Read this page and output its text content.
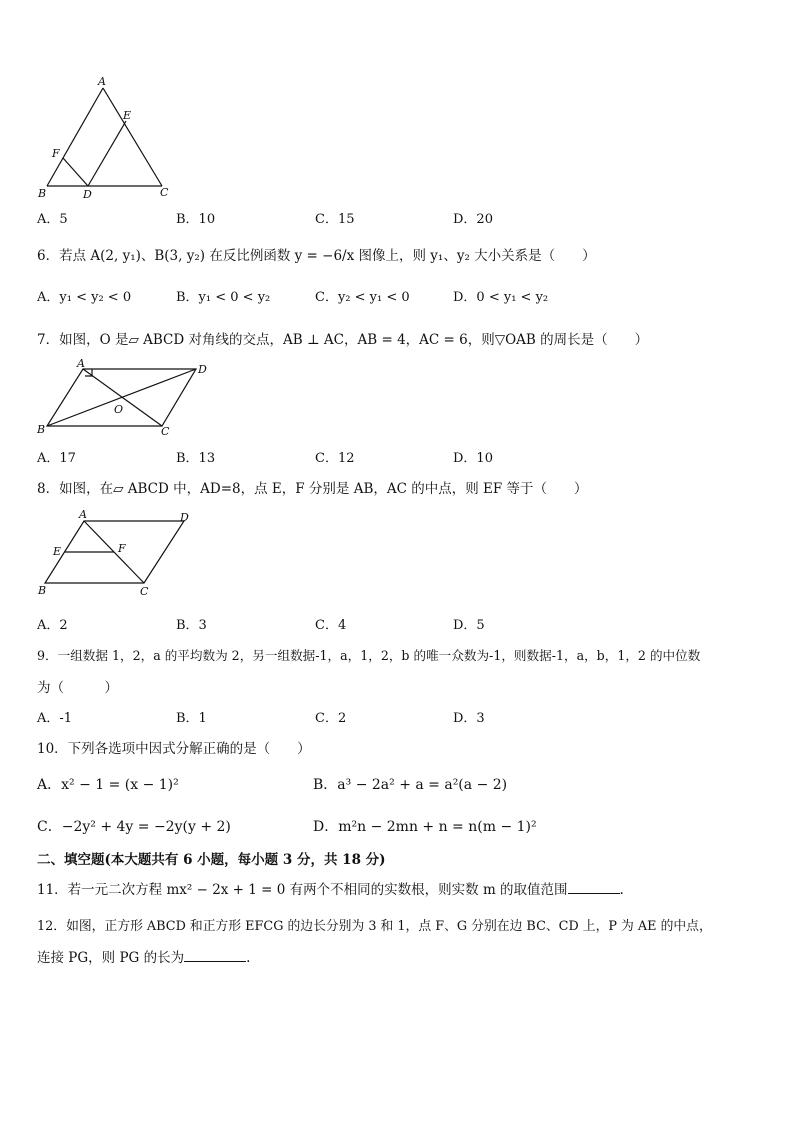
A
E
F
B	D	C
A．5	B．10	C．15	D．20
6．若点 A(2, y₁)、B(3, y₂) 在反比例函数 y = −6/x 图像上，则 y₁、y₂ 大小关系是（　　）
A．y₁ < y₂ < 0	B．y₁ < 0 < y₂	C．y₂ < y₁ < 0	D．0 < y₁ < y₂
7．如图，O 是▱ ABCD 对角线的交点，AB ⊥ AC，AB = 4，AC = 6，则▽OAB 的周长是（　　）
A	D
O
B	C
A．17	B．13	C．12	D．10
8．如图，在▱ ABCD 中，AD=8，点 E，F 分别是 AB，AC 的中点，则 EF 等于（　　）
A	D
E	F
B	C
A．2	B．3	C．4	D．5
9．一组数据 1，2，a 的平均数为 2，另一组数据-1，a，1，2，b 的唯一众数为-1，则数据-1，a，b，1，2 的中位数
为（　　　）
A．-1	B．1	C．2	D．3
10．下列各选项中因式分解正确的是（　　）
A．x² − 1 = (x − 1)²	B．a³ − 2a² + a = a²(a − 2)
C．−2y² + 4y = −2y(y + 2)	D．m²n − 2mn + n = n(m − 1)²
二、填空题(本大题共有 6 小题，每小题 3 分，共 18 分)
11．若一元二次方程 mx² − 2x + 1 = 0 有两个不相同的实数根，则实数 m 的取值范围	.
12．如图，正方形 ABCD 和正方形 EFCG 的边长分别为 3 和 1，点 F、G 分别在边 BC、CD 上，P 为 AE 的中点，
连接 PG，则 PG 的长为	.
